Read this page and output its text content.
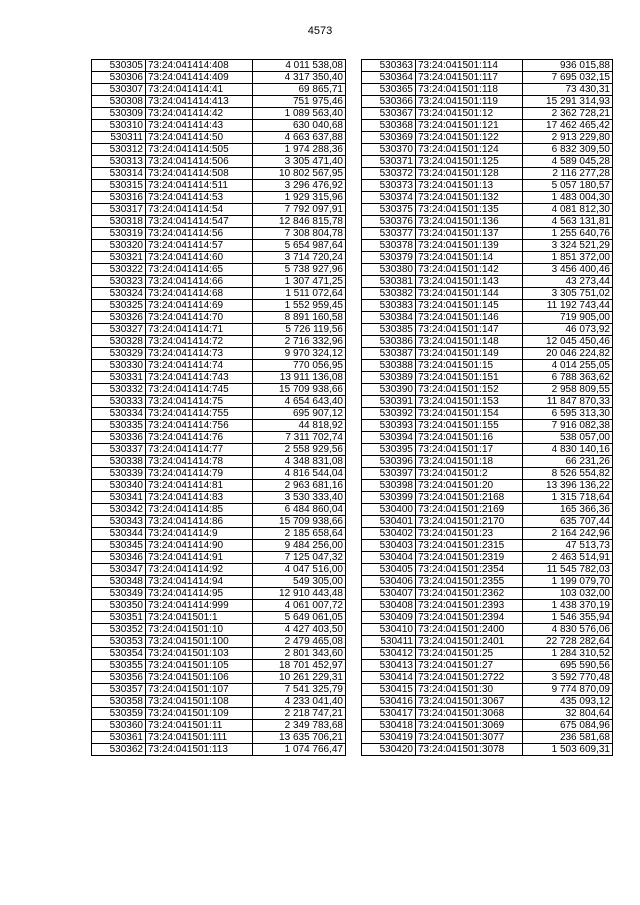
4573
530305	73:24:041414:408	4 011 538,08
530306	73:24:041414:409	4 317 350,40
530307	73:24:041414:41	69 865,71
530308	73:24:041414:413	751 975,46
530309	73:24:041414:42	1 089 563,40
530310	73:24:041414:43	630 040,68
530311	73:24:041414:50	4 663 637,88
530312	73:24:041414:505	1 974 288,36
530313	73:24:041414:506	3 305 471,40
530314	73:24:041414:508	10 802 567,95
530315	73:24:041414:511	3 296 476,92
530316	73:24:041414:53	1 929 315,96
530317	73:24:041414:54	7 792 097,91
530318	73:24:041414:547	12 846 815,78
530319	73:24:041414:56	7 308 804,78
530320	73:24:041414:57	5 654 987,64
530321	73:24:041414:60	3 714 720,24
530322	73:24:041414:65	5 738 927,96
530323	73:24:041414:66	1 307 471,25
530324	73:24:041414:68	1 511 072,64
530325	73:24:041414:69	1 552 959,45
530326	73:24:041414:70	8 891 160,58
530327	73:24:041414:71	5 726 119,56
530328	73:24:041414:72	2 716 332,96
530329	73:24:041414:73	9 970 324,12
530330	73:24:041414:74	770 056,95
530331	73:24:041414:743	13 911 136,08
530332	73:24:041414:745	15 709 938,66
530333	73:24:041414:75	4 654 643,40
530334	73:24:041414:755	695 907,12
530335	73:24:041414:756	44 818,92
530336	73:24:041414:76	7 311 702,74
530337	73:24:041414:77	2 558 929,56
530338	73:24:041414:78	4 348 831,08
530339	73:24:041414:79	4 816 544,04
530340	73:24:041414:81	2 963 681,16
530341	73:24:041414:83	3 530 333,40
530342	73:24:041414:85	6 484 860,04
530343	73:24:041414:86	15 709 938,66
530344	73:24:041414:9	2 185 658,64
530345	73:24:041414:90	9 484 256,00
530346	73:24:041414:91	7 125 047,32
530347	73:24:041414:92	4 047 516,00
530348	73:24:041414:94	549 305,00
530349	73:24:041414:95	12 910 443,48
530350	73:24:041414:999	4 061 007,72
530351	73:24:041501:1	5 649 061,05
530352	73:24:041501:10	4 427 403,50
530353	73:24:041501:100	2 479 465,08
530354	73:24:041501:103	2 801 343,60
530355	73:24:041501:105	18 701 452,97
530356	73:24:041501:106	10 261 229,31
530357	73:24:041501:107	7 541 325,79
530358	73:24:041501:108	4 233 041,40
530359	73:24:041501:109	2 218 747,21
530360	73:24:041501:11	2 349 783,68
530361	73:24:041501:111	13 635 706,21
530362	73:24:041501:113	1 074 766,47
530363	73:24:041501:114	936 015,88
530364	73:24:041501:117	7 695 032,15
530365	73:24:041501:118	73 430,31
530366	73:24:041501:119	15 291 314,93
530367	73:24:041501:12	2 362 728,21
530368	73:24:041501:121	17 462 465,42
530369	73:24:041501:122	2 913 229,80
530370	73:24:041501:124	6 832 309,50
530371	73:24:041501:125	4 589 045,28
530372	73:24:041501:128	2 116 277,28
530373	73:24:041501:13	5 057 180,57
530374	73:24:041501:132	1 483 004,30
530375	73:24:041501:135	4 081 812,30
530376	73:24:041501:136	4 563 131,81
530377	73:24:041501:137	1 255 640,76
530378	73:24:041501:139	3 324 521,29
530379	73:24:041501:14	1 851 372,00
530380	73:24:041501:142	3 456 400,46
530381	73:24:041501:143	43 273,44
530382	73:24:041501:144	3 305 751,02
530383	73:24:041501:145	11 192 743,44
530384	73:24:041501:146	719 905,00
530385	73:24:041501:147	46 073,92
530386	73:24:041501:148	12 045 450,46
530387	73:24:041501:149	20 046 224,82
530388	73:24:041501:15	4 014 255,05
530389	73:24:041501:151	6 788 363,62
530390	73:24:041501:152	2 958 809,55
530391	73:24:041501:153	11 847 870,33
530392	73:24:041501:154	6 595 313,30
530393	73:24:041501:155	7 916 082,38
530394	73:24:041501:16	538 057,00
530395	73:24:041501:17	4 830 140,16
530396	73:24:041501:18	66 231,26
530397	73:24:041501:2	8 526 554,82
530398	73:24:041501:20	13 396 136,22
530399	73:24:041501:2168	1 315 718,64
530400	73:24:041501:2169	165 366,36
530401	73:24:041501:2170	635 707,44
530402	73:24:041501:23	2 164 242,96
530403	73:24:041501:2315	47 513,73
530404	73:24:041501:2319	2 463 514,91
530405	73:24:041501:2354	11 545 782,03
530406	73:24:041501:2355	1 199 079,70
530407	73:24:041501:2362	103 032,00
530408	73:24:041501:2393	1 438 370,19
530409	73:24:041501:2394	1 546 355,94
530410	73:24:041501:2400	4 830 576,06
530411	73:24:041501:2401	22 728 282,64
530412	73:24:041501:25	1 284 310,52
530413	73:24:041501:27	695 590,56
530414	73:24:041501:2722	3 592 770,48
530415	73:24:041501:30	9 774 870,09
530416	73:24:041501:3067	435 093,12
530417	73:24:041501:3068	32 804,64
530418	73:24:041501:3069	675 084,96
530419	73:24:041501:3077	236 581,68
530420	73:24:041501:3078	1 503 609,31
